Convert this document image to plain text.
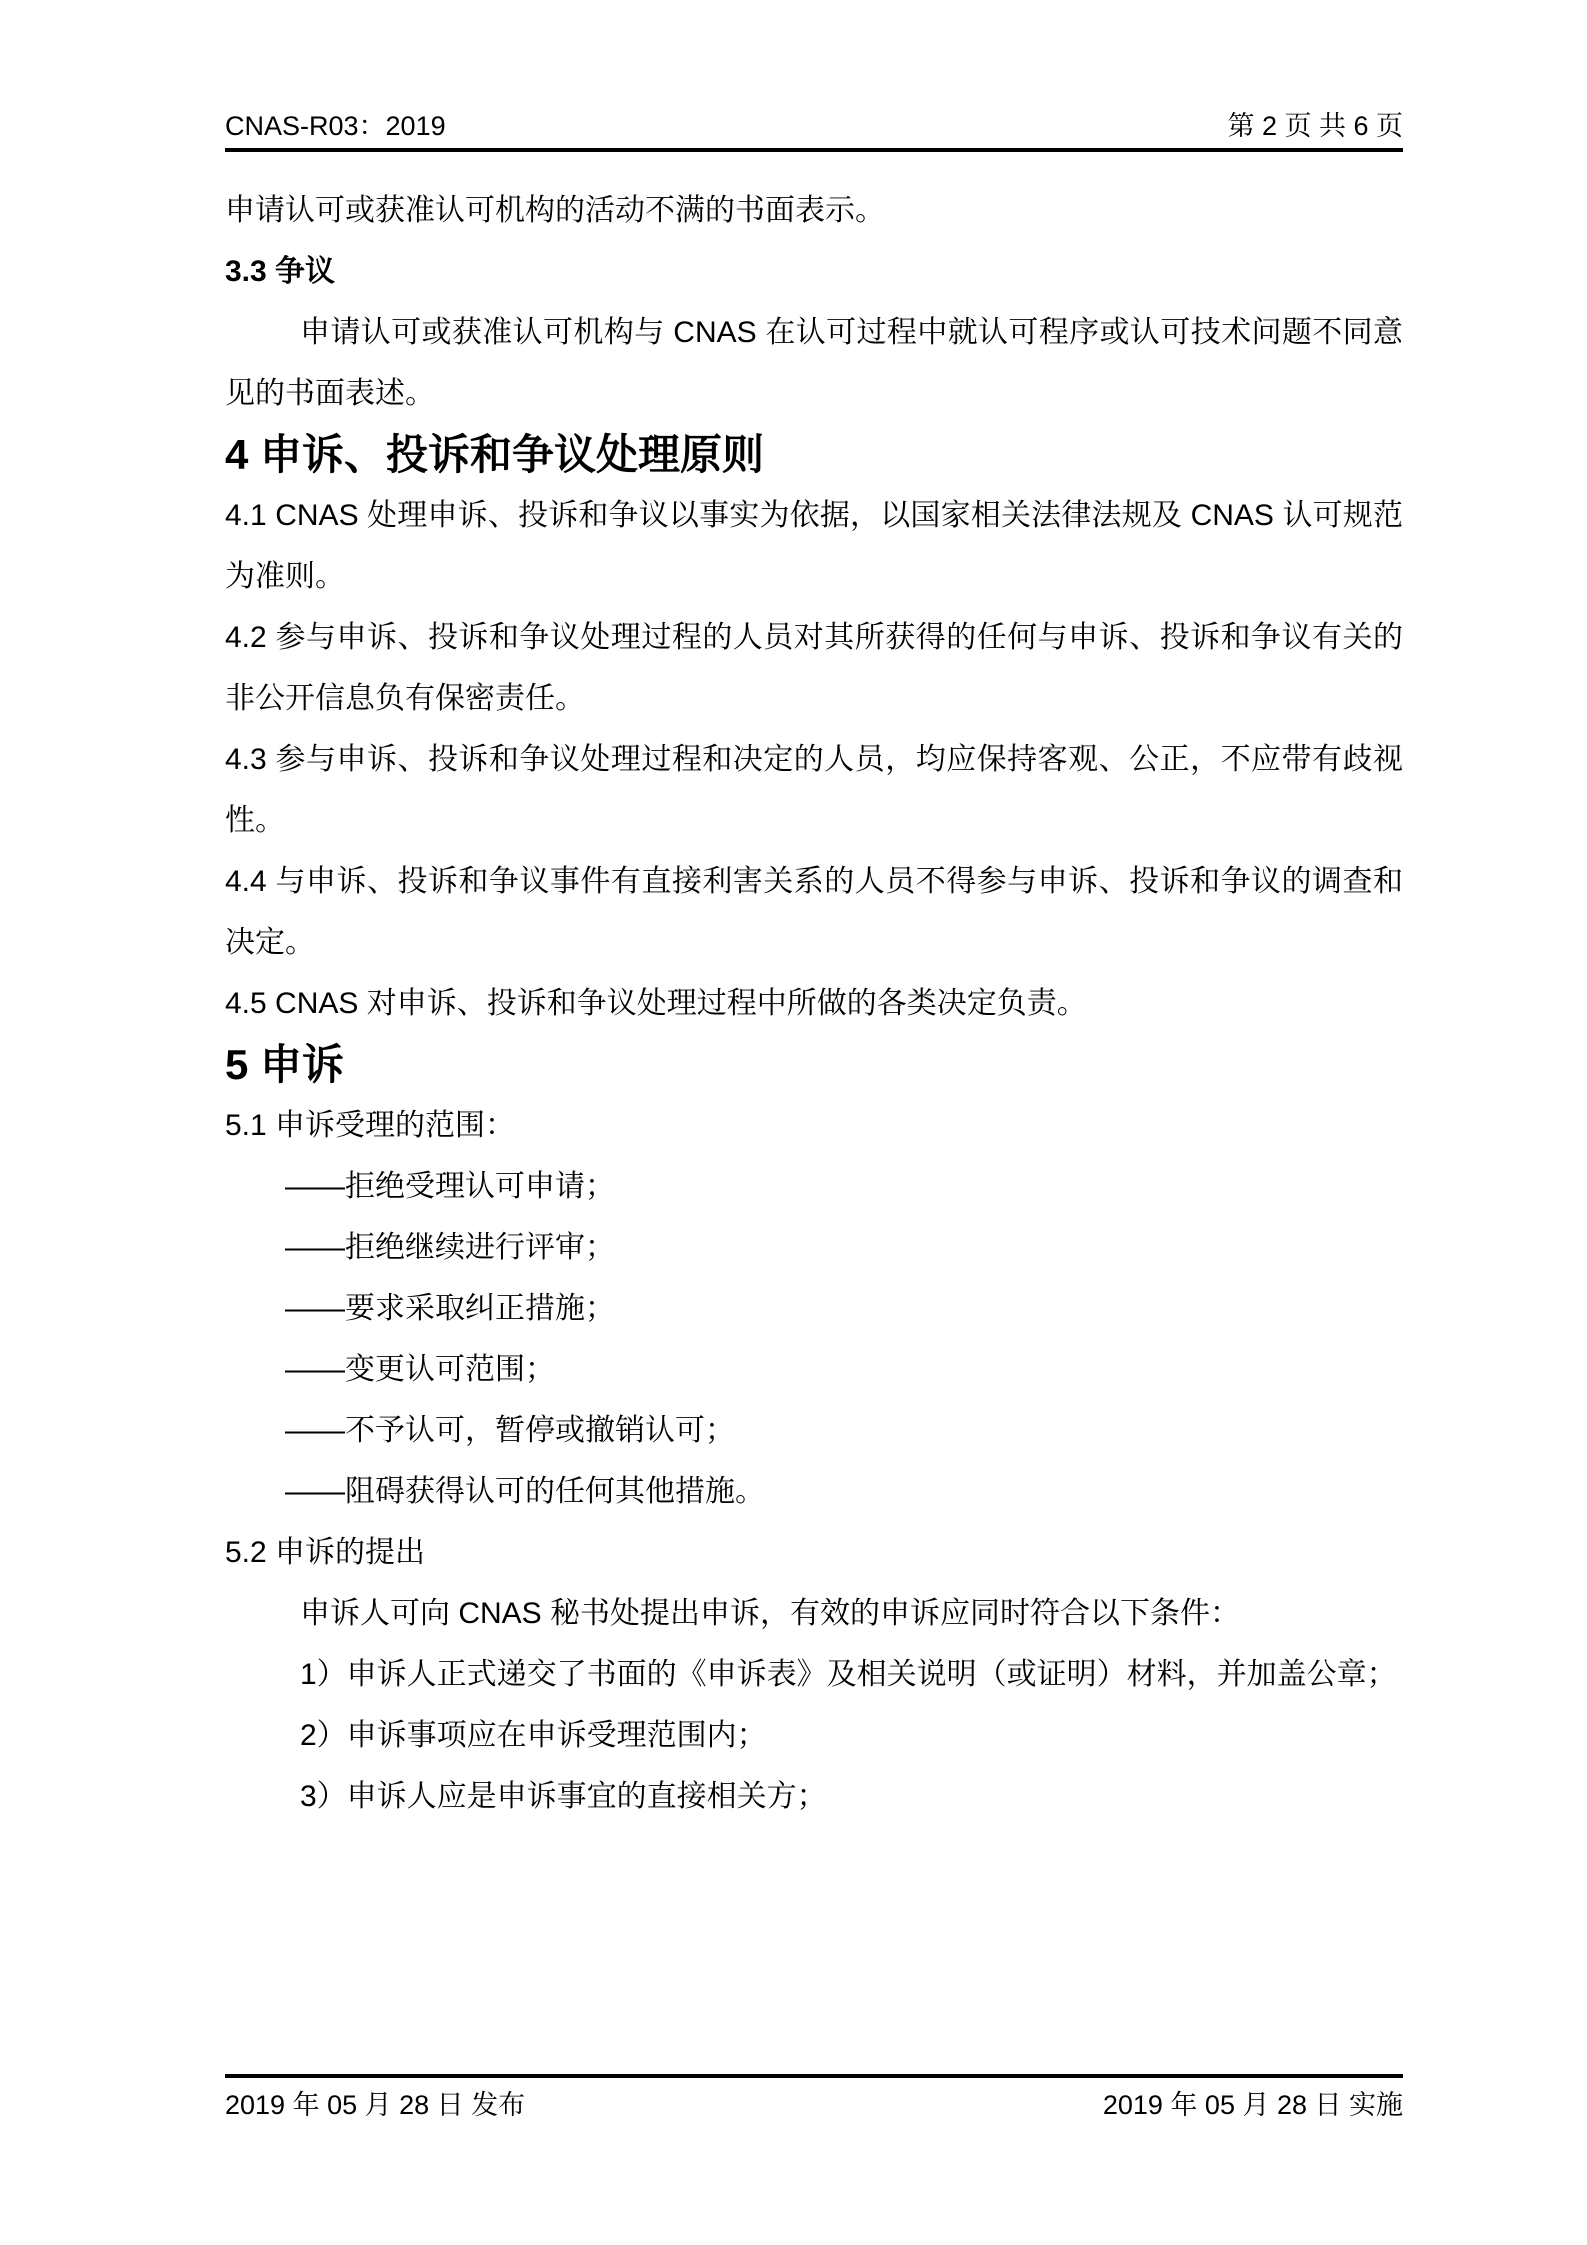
CNAS-R03：2019	第 2 页 共 6 页

申请认可或获准认可机构的活动不满的书面表示。

3.3 争议

申请认可或获准认可机构与 CNAS 在认可过程中就认可程序或认可技术问题不同意见的书面表述。

4 申诉、投诉和争议处理原则

4.1 CNAS 处理申诉、投诉和争议以事实为依据，以国家相关法律法规及 CNAS 认可规范为准则。

4.2 参与申诉、投诉和争议处理过程的人员对其所获得的任何与申诉、投诉和争议有关的非公开信息负有保密责任。

4.3 参与申诉、投诉和争议处理过程和决定的人员，均应保持客观、公正，不应带有歧视性。

4.4 与申诉、投诉和争议事件有直接利害关系的人员不得参与申诉、投诉和争议的调查和决定。

4.5 CNAS 对申诉、投诉和争议处理过程中所做的各类决定负责。

5 申诉

5.1 申诉受理的范围：

——拒绝受理认可申请；

——拒绝继续进行评审；

——要求采取纠正措施；

——变更认可范围；

——不予认可，暂停或撤销认可；

——阻碍获得认可的任何其他措施。

5.2 申诉的提出

申诉人可向 CNAS 秘书处提出申诉，有效的申诉应同时符合以下条件：

1）申诉人正式递交了书面的《申诉表》及相关说明（或证明）材料，并加盖公章；

2）申诉事项应在申诉受理范围内；

3）申诉人应是申诉事宜的直接相关方；

2019 年 05 月 28 日 发布	2019 年 05 月 28 日 实施
